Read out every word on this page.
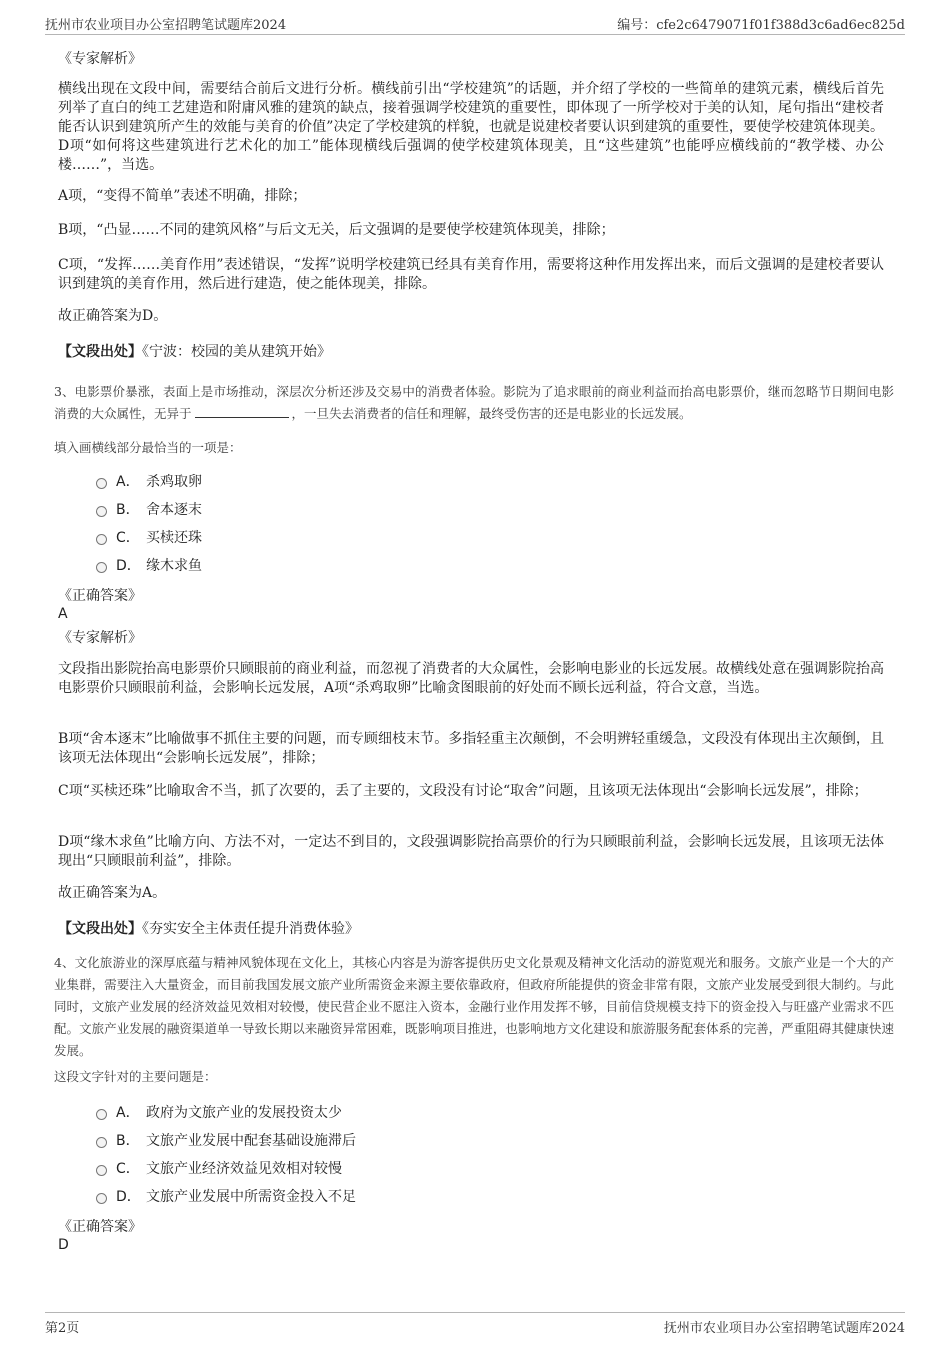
抚州市农业项目办公室招聘笔试题库2024	编号：cfe2c6479071f01f388d3c6ad6ec825d
《专家解析》
横线出现在文段中间，需要结合前后文进行分析。横线前引出“学校建筑”的话题，并介绍了学校的一些简单的建筑元素，横线后首先列举了直白的纯工艺建造和附庸风雅的建筑的缺点，接着强调学校建筑的重要性，即体现了一所学校对于美的认知，尾句指出“建校者能否认识到建筑所产生的效能与美育的价值”决定了学校建筑的样貌，也就是说建校者要认识到建筑的重要性，要使学校建筑体现美。D项“如何将这些建筑进行艺术化的加工”能体现横线后强调的使学校建筑体现美，且“这些建筑”也能呼应横线前的“教学楼、办公楼……”，当选。
A项，“变得不简单”表述不明确，排除；
B项，“凸显……不同的建筑风格”与后文无关，后文强调的是要使学校建筑体现美，排除；
C项，“发挥……美育作用”表述错误，“发挥”说明学校建筑已经具有美育作用，需要将这种作用发挥出来，而后文强调的是建校者要认识到建筑的美育作用，然后进行建造，使之能体现美，排除。
故正确答案为D。
【文段出处】《宁波：校园的美从建筑开始》
3、电影票价暴涨，表面上是市场推动，深层次分析还涉及交易中的消费者体验。影院为了追求眼前的商业利益而抬高电影票价，继而忽略节日期间电影消费的大众属性，无异于	，一旦失去消费者的信任和理解，最终受伤害的还是电影业的长远发展。
填入画横线部分最恰当的一项是：
A． 杀鸡取卵
B． 舍本逐末
C． 买椟还珠
D． 缘木求鱼
《正确答案》
A
《专家解析》
文段指出影院抬高电影票价只顾眼前的商业利益，而忽视了消费者的大众属性，会影响电影业的长远发展。故横线处意在强调影院抬高电影票价只顾眼前利益，会影响长远发展，A项“杀鸡取卵”比喻贪图眼前的好处而不顾长远利益，符合文意，当选。
B项“舍本逐末”比喻做事不抓住主要的问题，而专顾细枝末节。多指轻重主次颠倒，不会明辨轻重缓急，文段没有体现出主次颠倒，且该项无法体现出“会影响长远发展”，排除；
C项“买椟还珠”比喻取舍不当，抓了次要的，丢了主要的，文段没有讨论“取舍”问题，且该项无法体现出“会影响长远发展”，排除；
D项“缘木求鱼”比喻方向、方法不对，一定达不到目的，文段强调影院抬高票价的行为只顾眼前利益，会影响长远发展，且该项无法体现出“只顾眼前利益”，排除。
故正确答案为A。
【文段出处】《夯实安全主体责任提升消费体验》
4、文化旅游业的深厚底蕴与精神风貌体现在文化上，其核心内容是为游客提供历史文化景观及精神文化活动的游览观光和服务。文旅产业是一个大的产业集群，需要注入大量资金，而目前我国发展文旅产业所需资金来源主要依靠政府，但政府所能提供的资金非常有限，文旅产业发展受到很大制约。与此同时，文旅产业发展的经济效益见效相对较慢，使民营企业不愿注入资本，金融行业作用发挥不够，目前信贷规模支持下的资金投入与旺盛产业需求不匹配。文旅产业发展的融资渠道单一导致长期以来融资异常困难，既影响项目推进，也影响地方文化建设和旅游服务配套体系的完善，严重阻碍其健康快速发展。
这段文字针对的主要问题是：
A． 政府为文旅产业的发展投资太少
B． 文旅产业发展中配套基础设施滞后
C． 文旅产业经济效益见效相对较慢
D． 文旅产业发展中所需资金投入不足
《正确答案》
D
第2页	抚州市农业项目办公室招聘笔试题库2024
